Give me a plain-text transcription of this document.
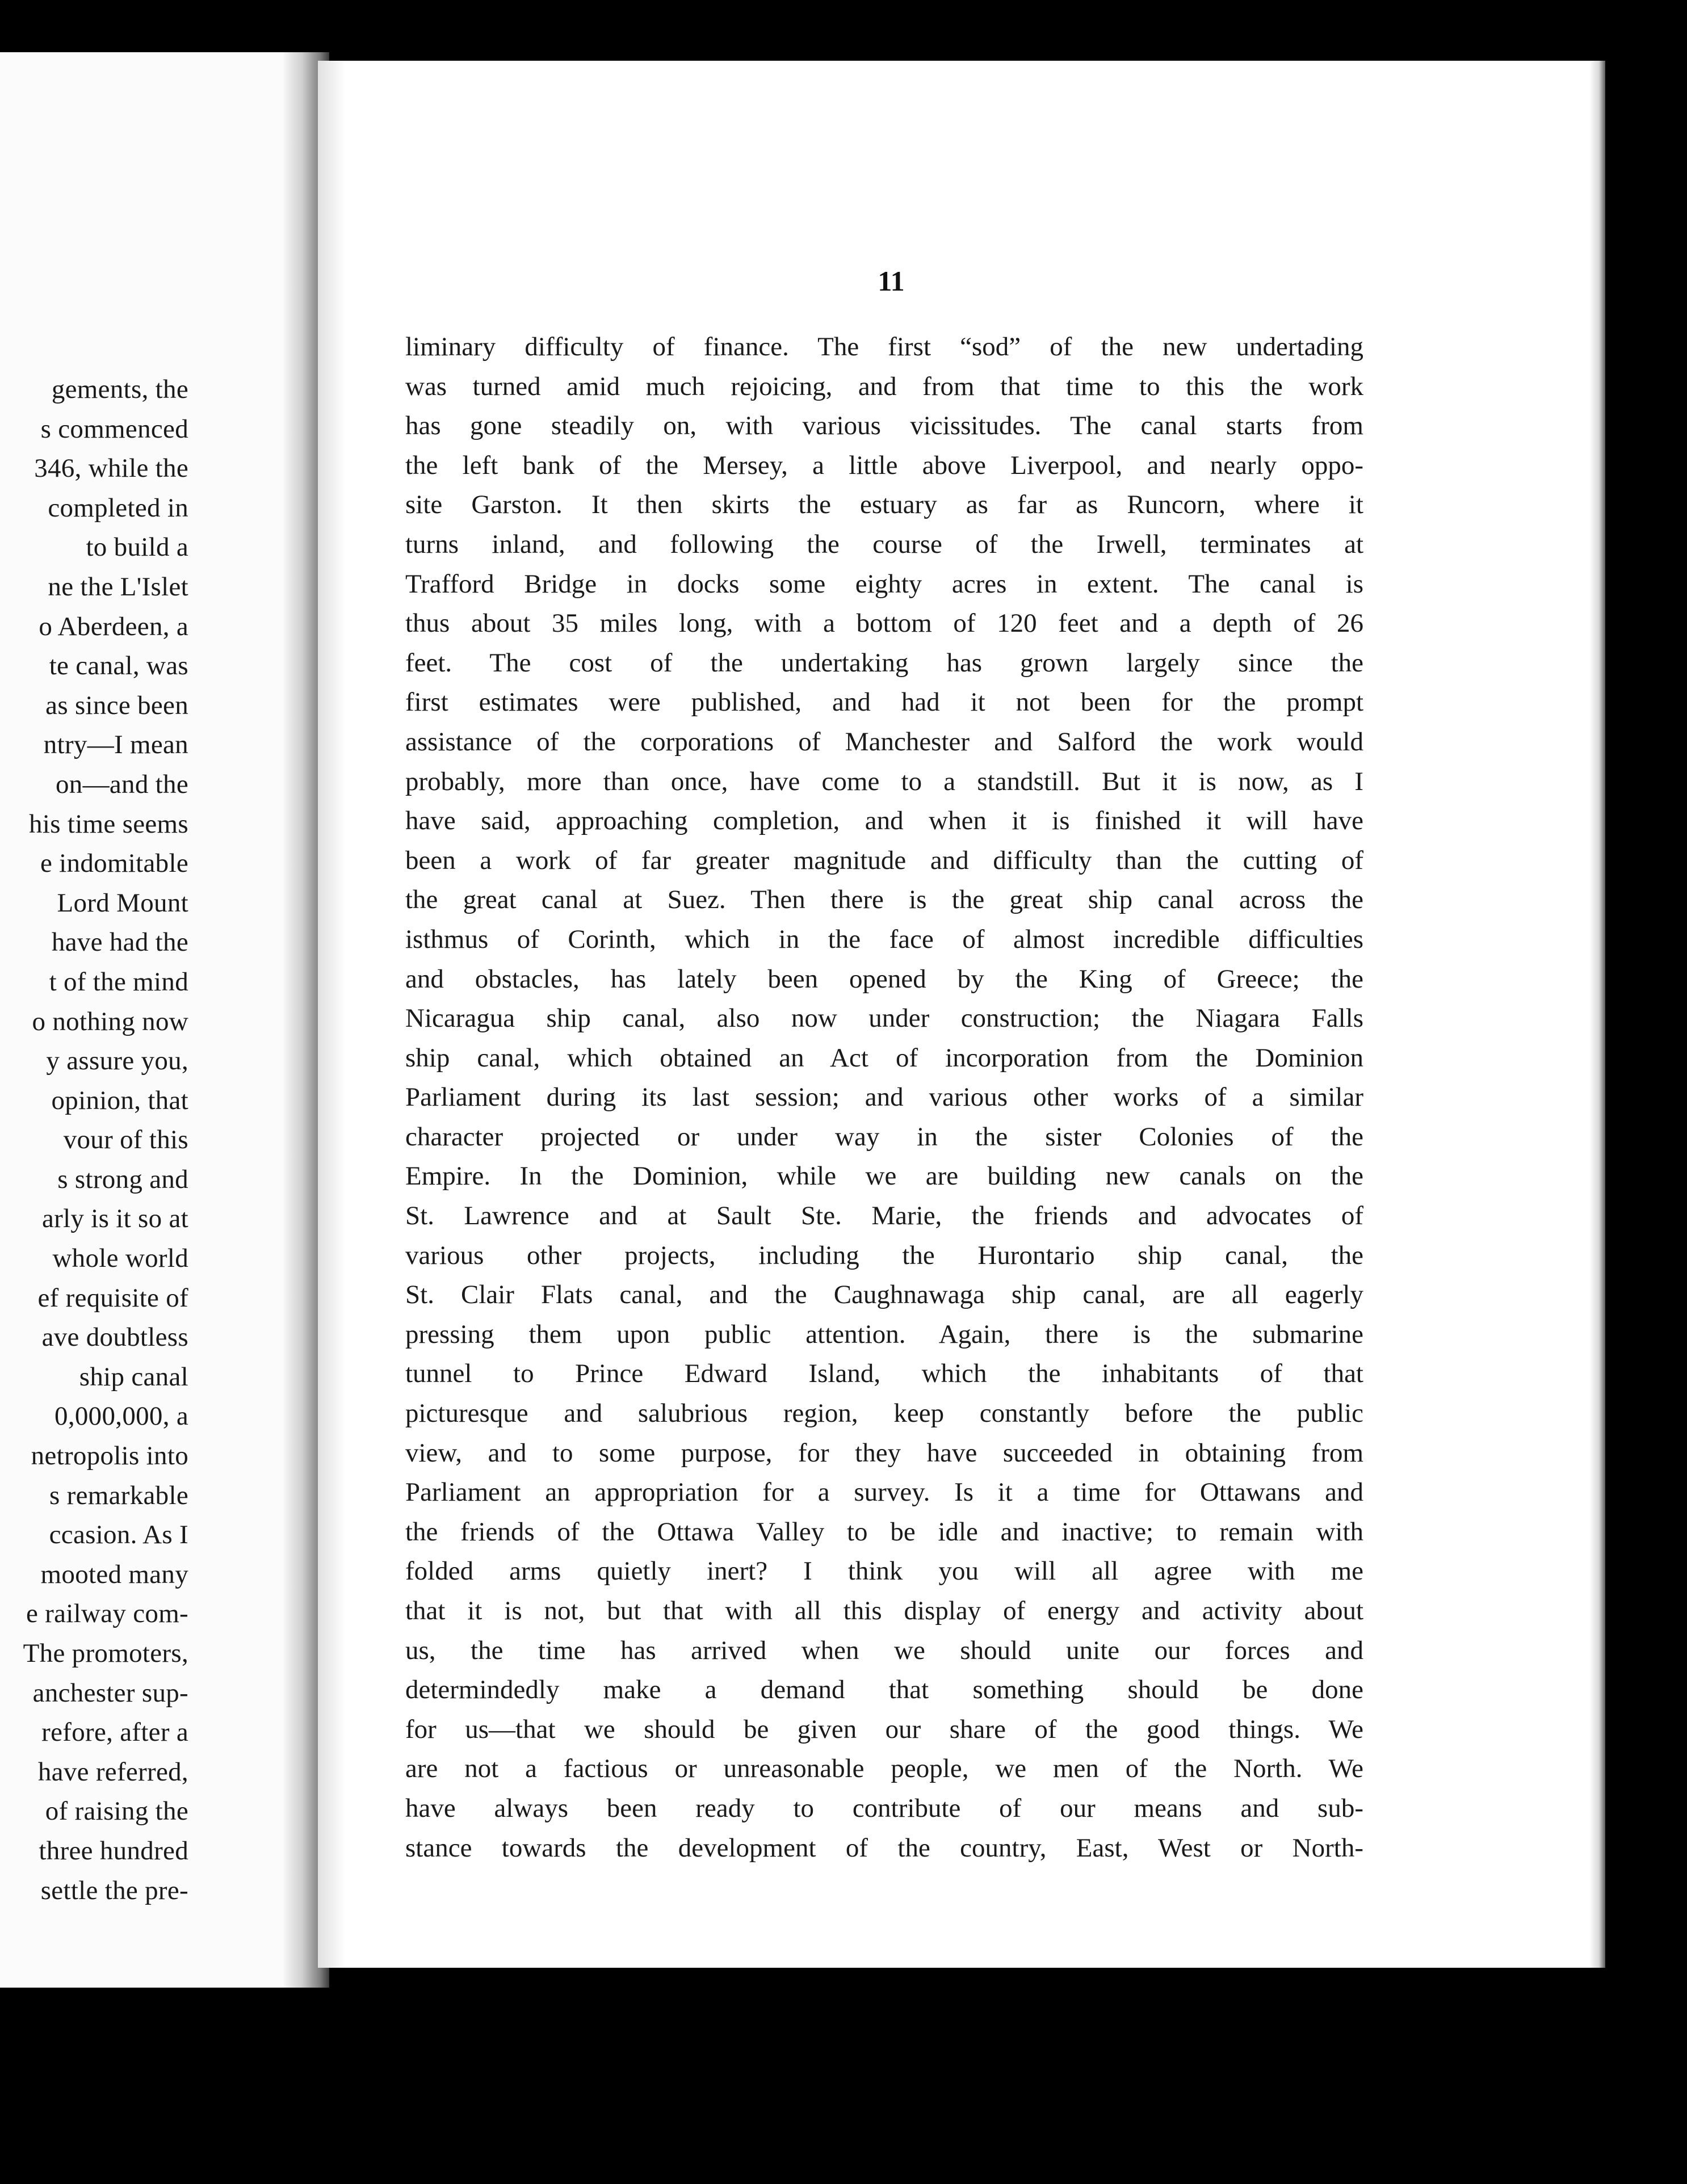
gements, the
s commenced
346, while the
completed in
to build a
ne the L'Islet
o Aberdeen, a
te canal, was
as since been
ntry—I mean
on—and the
his time seems
e indomitable
Lord Mount
have had the
t of the mind
o nothing now
y assure you,
opinion, that
vour of this
s strong and
arly is it so at
whole world
ef requisite of
ave doubtless
ship canal
0,000,000, a
netropolis into
s remarkable
ccasion. As I
mooted many
e railway com-
The promoters,
anchester sup-
refore, after a
have referred,
of raising the
three hundred
settle the pre-
11
liminary difficulty of finance. The first “sod” of the new undertading
was turned amid much rejoicing, and from that time to this the work
has gone steadily on, with various vicissitudes. The canal starts from
the left bank of the Mersey, a little above Liverpool, and nearly oppo-
site Garston. It then skirts the estuary as far as Runcorn, where it
turns inland, and following the course of the Irwell, terminates at
Trafford Bridge in docks some eighty acres in extent. The canal is
thus about 35 miles long, with a bottom of 120 feet and a depth of 26
feet. The cost of the undertaking has grown largely since the
first estimates were published, and had it not been for the prompt
assistance of the corporations of Manchester and Salford the work would
probably, more than once, have come to a standstill. But it is now, as I
have said, approaching completion, and when it is finished it will have
been a work of far greater magnitude and difficulty than the cutting of
the great canal at Suez. Then there is the great ship canal across the
isthmus of Corinth, which in the face of almost incredible difficulties
and obstacles, has lately been opened by the King of Greece; the
Nicaragua ship canal, also now under construction; the Niagara Falls
ship canal, which obtained an Act of incorporation from the Dominion
Parliament during its last session; and various other works of a similar
character projected or under way in the sister Colonies of the
Empire. In the Dominion, while we are building new canals on the
St. Lawrence and at Sault Ste. Marie, the friends and advocates of
various other projects, including the Hurontario ship canal, the
St. Clair Flats canal, and the Caughnawaga ship canal, are all eagerly
pressing them upon public attention. Again, there is the submarine
tunnel to Prince Edward Island, which the inhabitants of that
picturesque and salubrious region, keep constantly before the public
view, and to some purpose, for they have succeeded in obtaining from
Parliament an appropriation for a survey. Is it a time for Ottawans and
the friends of the Ottawa Valley to be idle and inactive; to remain with
folded arms quietly inert? I think you will all agree with me
that it is not, but that with all this display of energy and activity about
us, the time has arrived when we should unite our forces and
determindedly make a demand that something should be done
for us—that we should be given our share of the good things. We
are not a factious or unreasonable people, we men of the North. We
have always been ready to contribute of our means and sub-
stance towards the development of the country, East, West or North-
